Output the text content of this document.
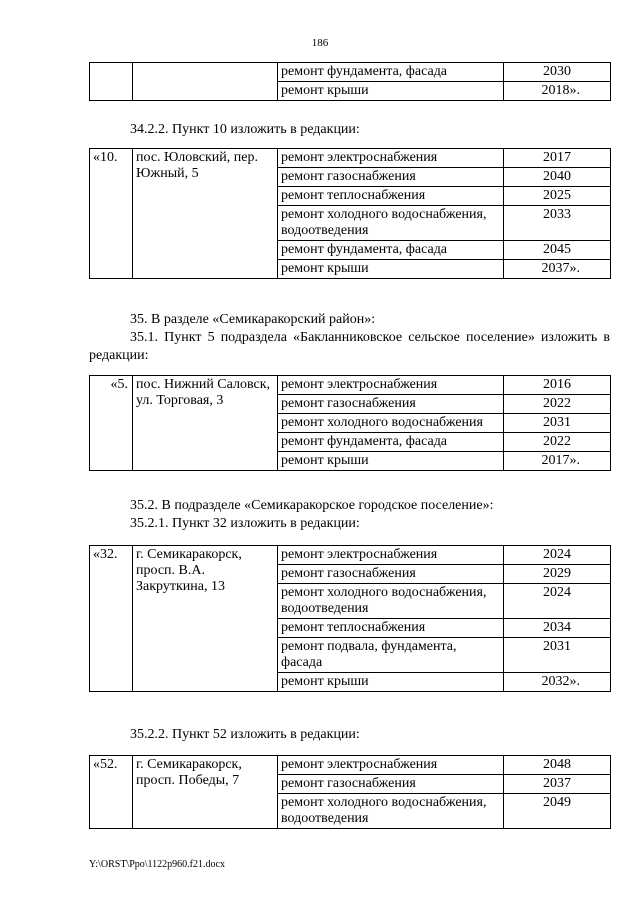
186
		ремонт фундамента, фасада	2030
		ремонт крыши	2018».
34.2.2. Пункт 10 изложить в редакции:
«10.	пос. Юловский, пер. Южный, 5	ремонт электроснабжения	2017
		ремонт газоснабжения	2040
		ремонт теплоснабжения	2025
		ремонт холодного водоснабжения, водоотведения	2033
		ремонт фундамента, фасада	2045
		ремонт крыши	2037».
35. В разделе «Семикаракорский район»:
35.1. Пункт 5 подраздела «Бакланниковское сельское поселение» изложить в редакции:
«5.	пос. Нижний Саловск, ул. Торговая, 3	ремонт электроснабжения	2016
		ремонт газоснабжения	2022
		ремонт холодного водоснабжения	2031
		ремонт фундамента, фасада	2022
		ремонт крыши	2017».
35.2. В подразделе «Семикаракорское городское поселение»:
35.2.1. Пункт 32 изложить в редакции:
«32.	г. Семикаракорск, просп. В.А. Закруткина, 13	ремонт электроснабжения	2024
		ремонт газоснабжения	2029
		ремонт холодного водоснабжения, водоотведения	2024
		ремонт теплоснабжения	2034
		ремонт подвала, фундамента, фасада	2031
		ремонт крыши	2032».
35.2.2. Пункт 52 изложить в редакции:
«52.	г. Семикаракорск, просп. Победы, 7	ремонт электроснабжения	2048
		ремонт газоснабжения	2037
		ремонт холодного водоснабжения, водоотведения	2049
Y:\ORST\Ppo\1122p960.f21.docx
